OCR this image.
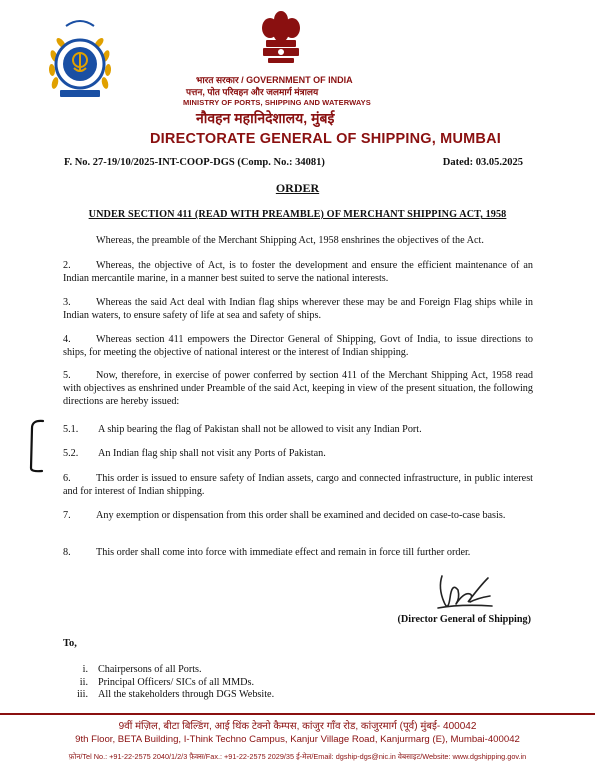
भारत सरकार / GOVERNMENT OF INDIA
पत्तन, पोत परिवहन और जलमार्ग मंत्रालय
MINISTRY OF PORTS, SHIPPING AND WATERWAYS
नौवहन महानिदेशालय, मुंबई
DIRECTORATE GENERAL OF SHIPPING, MUMBAI
F. No. 27-19/10/2025-INT-COOP-DGS (Comp. No.: 34081)	Dated: 03.05.2025
ORDER
UNDER SECTION 411 (READ WITH PREAMBLE) OF MERCHANT SHIPPING ACT, 1958
Whereas, the preamble of the Merchant Shipping Act, 1958 enshrines the objectives of the Act.
2. Whereas, the objective of Act, is to foster the development and ensure the efficient maintenance of an Indian mercantile marine, in a manner best suited to serve the national interests.
3. Whereas the said Act deal with Indian flag ships wherever these may be and Foreign Flag ships while in Indian waters, to ensure safety of life at sea and safety of ships.
4. Whereas section 411 empowers the Director General of Shipping, Govt of India, to issue directions to ships, for meeting the objective of national interest or the interest of Indian shipping.
5. Now, therefore, in exercise of power conferred by section 411 of the Merchant Shipping Act, 1958 read with objectives as enshrined under Preamble of the said Act, keeping in view of the present situation, the following directions are hereby issued:
5.1. A ship bearing the flag of Pakistan shall not be allowed to visit any Indian Port.
5.2. An Indian flag ship shall not visit any Ports of Pakistan.
6. This order is issued to ensure safety of Indian assets, cargo and connected infrastructure, in public interest and for interest of Indian shipping.
7. Any exemption or dispensation from this order shall be examined and decided on case-to-case basis.
8. This order shall come into force with immediate effect and remain in force till further order.
(Director General of Shipping)
To,
i. Chairpersons of all Ports.
ii. Principal Officers/ SICs of all MMDs.
iii. All the stakeholders through DGS Website.
9वीं मंज़िल, बीटा बिल्डिंग, आई थिंक टेक्नो कैम्पस, कांजुर गाँव रोड, कांजुरमार्ग (पूर्व) मुंबई- 400042
9th Floor, BETA Building, I-Think Techno Campus, Kanjur Village Road, Kanjurmarg (E), Mumbai-400042
फ़ोन/Tel No.: +91-22-2575 2040/1/2/3 फ़ैक्स/Fax.: +91-22-2575 2029/35 ई-मेल/Email: dgship-dgs@nic.in वेबसाइट/Website: www.dgshipping.gov.in
